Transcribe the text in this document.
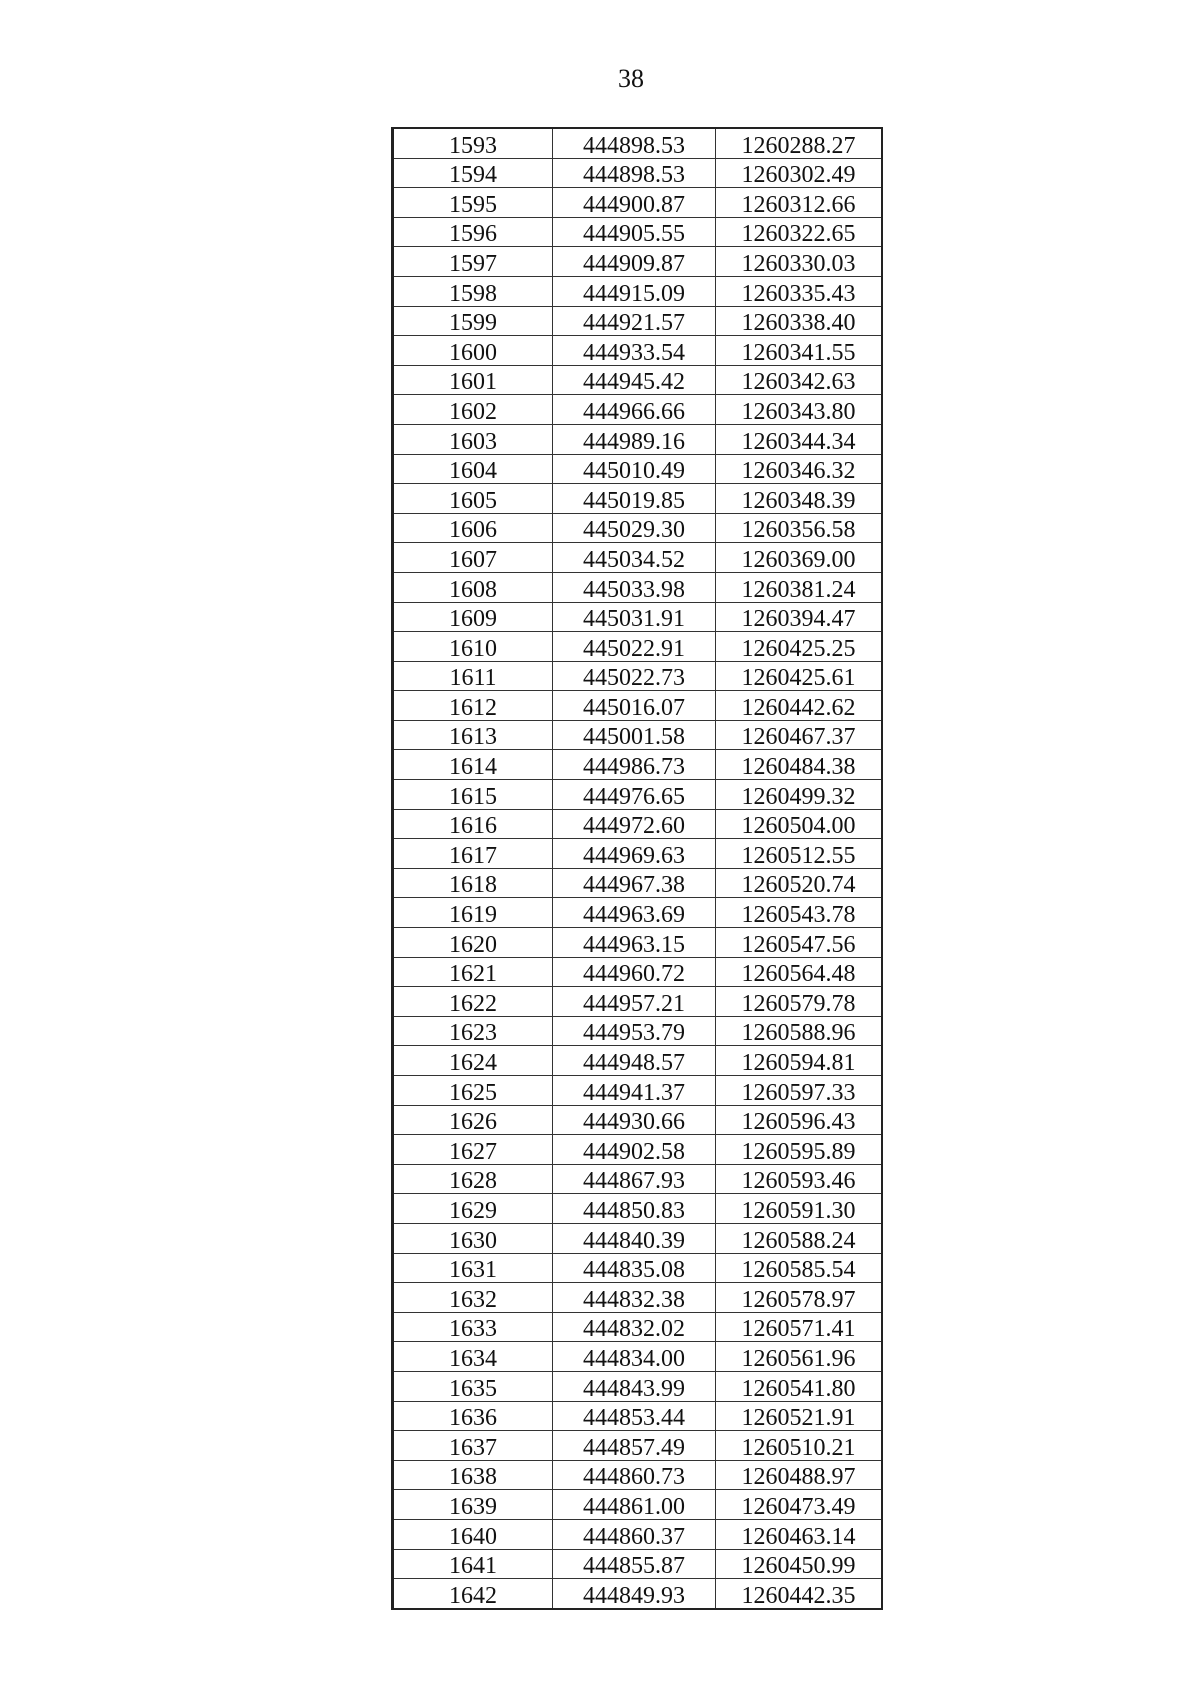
38
1593	444898.53	1260288.27
1594	444898.53	1260302.49
1595	444900.87	1260312.66
1596	444905.55	1260322.65
1597	444909.87	1260330.03
1598	444915.09	1260335.43
1599	444921.57	1260338.40
1600	444933.54	1260341.55
1601	444945.42	1260342.63
1602	444966.66	1260343.80
1603	444989.16	1260344.34
1604	445010.49	1260346.32
1605	445019.85	1260348.39
1606	445029.30	1260356.58
1607	445034.52	1260369.00
1608	445033.98	1260381.24
1609	445031.91	1260394.47
1610	445022.91	1260425.25
1611	445022.73	1260425.61
1612	445016.07	1260442.62
1613	445001.58	1260467.37
1614	444986.73	1260484.38
1615	444976.65	1260499.32
1616	444972.60	1260504.00
1617	444969.63	1260512.55
1618	444967.38	1260520.74
1619	444963.69	1260543.78
1620	444963.15	1260547.56
1621	444960.72	1260564.48
1622	444957.21	1260579.78
1623	444953.79	1260588.96
1624	444948.57	1260594.81
1625	444941.37	1260597.33
1626	444930.66	1260596.43
1627	444902.58	1260595.89
1628	444867.93	1260593.46
1629	444850.83	1260591.30
1630	444840.39	1260588.24
1631	444835.08	1260585.54
1632	444832.38	1260578.97
1633	444832.02	1260571.41
1634	444834.00	1260561.96
1635	444843.99	1260541.80
1636	444853.44	1260521.91
1637	444857.49	1260510.21
1638	444860.73	1260488.97
1639	444861.00	1260473.49
1640	444860.37	1260463.14
1641	444855.87	1260450.99
1642	444849.93	1260442.35
